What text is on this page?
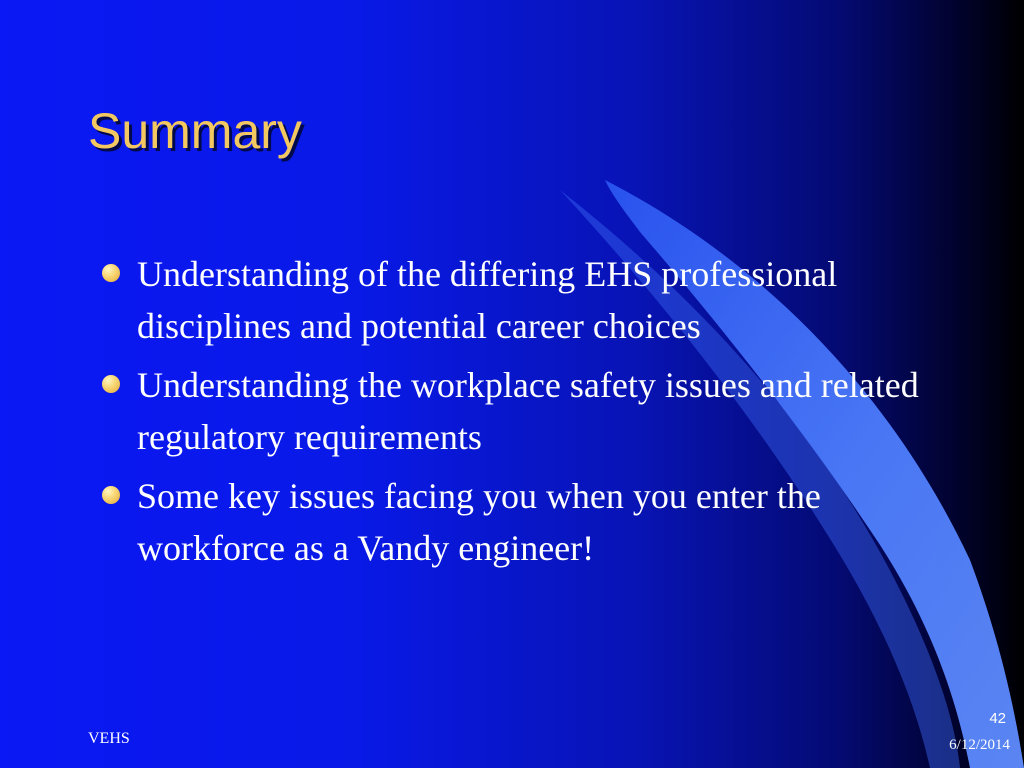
Summary
Understanding of the differing EHS professional disciplines and potential career choices
Understanding the workplace safety issues and related regulatory requirements
Some key issues facing you when you enter the workforce as a Vandy engineer!
VEHS
42
6/12/2014
